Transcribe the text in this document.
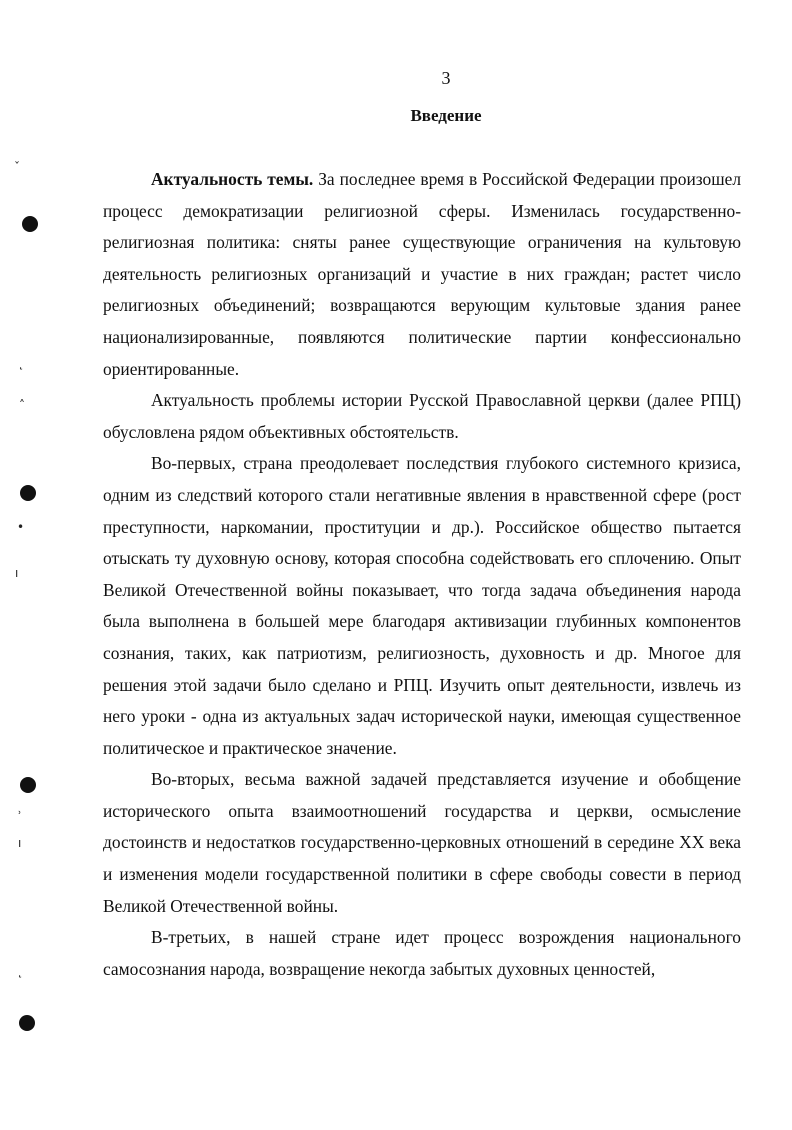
3
Введение

Актуальность темы. За последнее время в Российской Федерации произошел процесс демократизации религиозной сферы. Изменилась государственно-религиозная политика: сняты ранее существующие ограничения на культовую деятельность религиозных организаций и участие в них граждан; растет число религиозных объединений; возвращаются верующим культовые здания ранее национализированные, появляются политические партии конфессионально ориентированные.

Актуальность проблемы истории Русской Православной церкви (далее РПЦ) обусловлена рядом объективных обстоятельств.

Во-первых, страна преодолевает последствия глубокого системного кризиса, одним из следствий которого стали негативные явления в нравственной сфере (рост преступности, наркомании, проституции и др.). Российское общество пытается отыскать ту духовную основу, которая способна содействовать его сплочению. Опыт Великой Отечественной войны показывает, что тогда задача объединения народа была выполнена в большей мере благодаря активизации глубинных компонентов сознания, таких, как патриотизм, религиозность, духовность и др. Многое для решения этой задачи было сделано и РПЦ. Изучить опыт деятельности, извлечь из него уроки - одна из актуальных задач исторической науки, имеющая существенное политическое и практическое значение.

Во-вторых, весьма важной задачей представляется изучение и обобщение исторического опыта взаимоотношений государства и церкви, осмысление достоинств и недостатков государственно-церковных отношений в середине XX века и изменения модели государственной политики в сфере свободы совести в период Великой Отечественной войны.

В-третьих, в нашей стране идет процесс возрождения национального самосознания народа, возвращение некогда забытых духовных ценностей,

ˇ
˛
˄
•
ı
˒
ı
˛
